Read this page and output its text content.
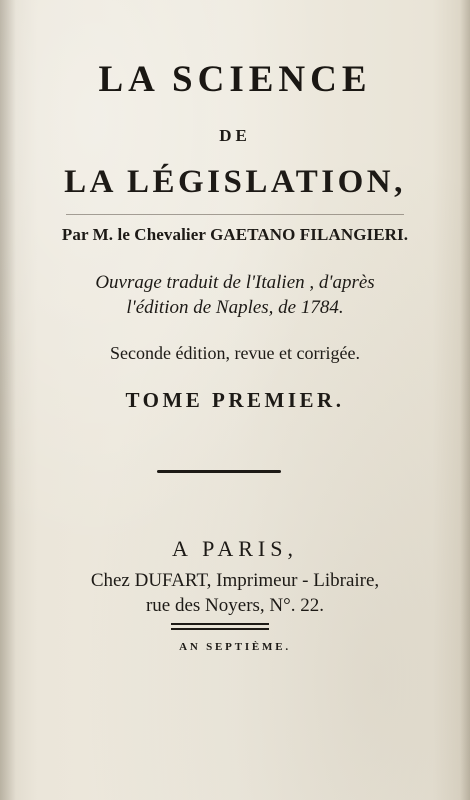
LA SCIENCE
DE
LA LÉGISLATION,
Par M. le Chevalier GAETANO FILANGIERI.
Ouvrage traduit de l'Italien , d'après
l'édition de Naples, de 1784.
Seconde édition, revue et corrigée.
TOME PREMIER.
A PARIS,
Chez DUFART, Imprimeur - Libraire,
rue des Noyers, N°. 22.
AN SEPTIÈME.
